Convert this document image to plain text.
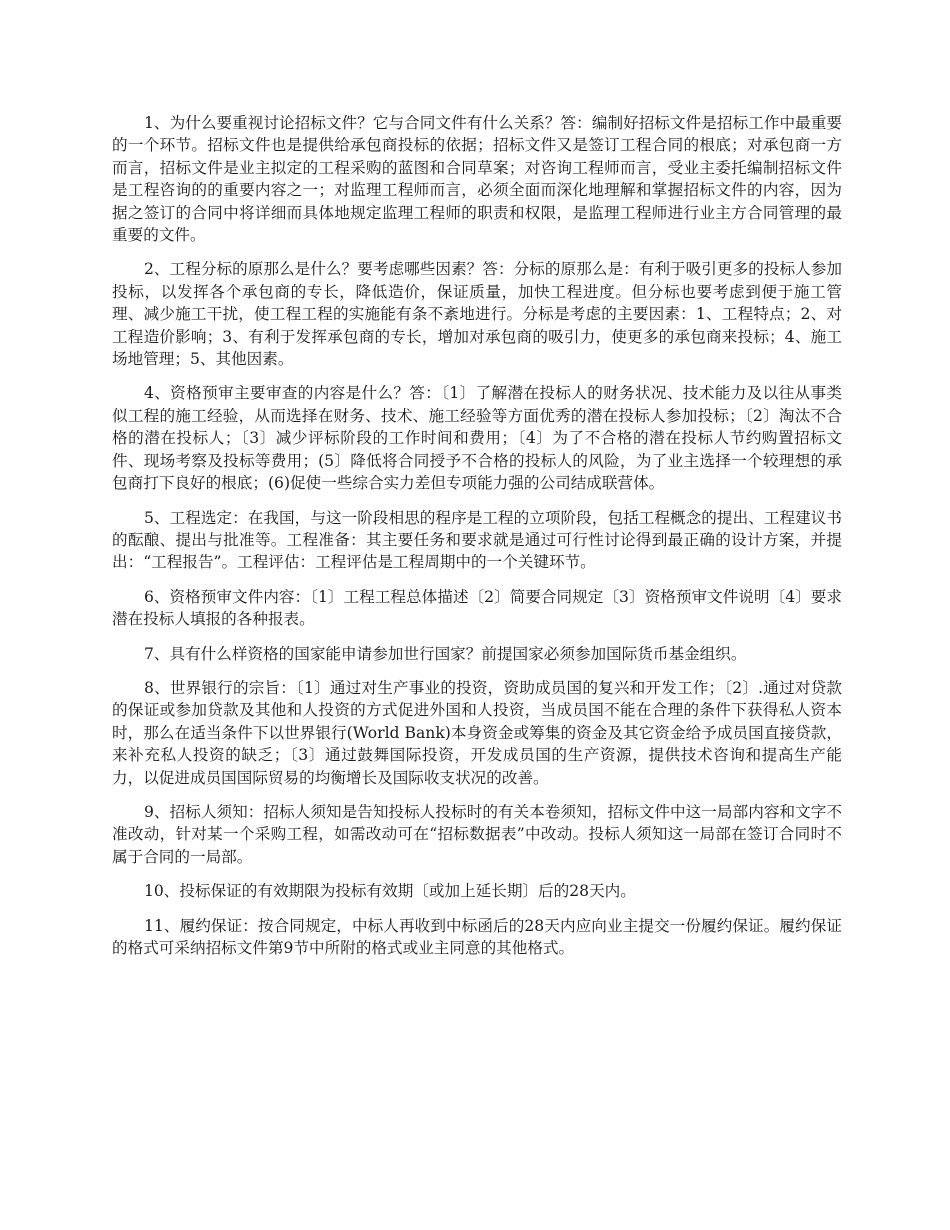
1、为什么要重视讨论招标文件？它与合同文件有什么关系？答：编制好招标文件是招标工作中最重要的一个环节。招标文件也是提供给承包商投标的依据；招标文件又是签订工程合同的根底；对承包商一方而言，招标文件是业主拟定的工程采购的蓝图和合同草案；对咨询工程师而言，受业主委托编制招标文件是工程咨询的的重要内容之一；对监理工程师而言，必须全面而深化地理解和掌握招标文件的内容，因为据之签订的合同中将详细而具体地规定监理工程师的职责和权限，是监理工程师进行业主方合同管理的最重要的文件。

2、工程分标的原那么是什么？要考虑哪些因素？答：分标的原那么是：有利于吸引更多的投标人参加投标，以发挥各个承包商的专长，降低造价，保证质量，加快工程进度。但分标也要考虑到便于施工管理、减少施工干扰，使工程工程的实施能有条不紊地进行。分标是考虑的主要因素：1、工程特点；2、对工程造价影响；3、有利于发挥承包商的专长，增加对承包商的吸引力，使更多的承包商来投标；4、施工场地管理；5、其他因素。

4、资格预审主要审查的内容是什么？答：〔1〕了解潜在投标人的财务状况、技术能力及以往从事类似工程的施工经验，从而选择在财务、技术、施工经验等方面优秀的潜在投标人参加投标；〔2〕淘汰不合格的潜在投标人；〔3〕减少评标阶段的工作时间和费用；〔4〕为了不合格的潜在投标人节约购置招标文件、现场考察及投标等费用；(5〕降低将合同授予不合格的投标人的风险，为了业主选择一个较理想的承包商打下良好的根底；(6)促使一些综合实力差但专项能力强的公司结成联营体。

5、工程选定：在我国，与这一阶段相思的程序是工程的立项阶段，包括工程概念的提出、工程建议书的酝酿、提出与批准等。工程准备：其主要任务和要求就是通过可行性讨论得到最正确的设计方案，并提出：“工程报告”。工程评估：工程评估是工程周期中的一个关键环节。

6、资格预审文件内容：〔1〕工程工程总体描述〔2〕简要合同规定〔3〕资格预审文件说明〔4〕要求潜在投标人填报的各种报表。

7、具有什么样资格的国家能申请参加世行国家？前提国家必须参加国际货币基金组织。

8、世界银行的宗旨：〔1〕通过对生产事业的投资，资助成员国的复兴和开发工作；〔2〕.通过对贷款的保证或参加贷款及其他和人投资的方式促进外国和人投资，当成员国不能在合理的条件下获得私人资本时，那么在适当条件下以世界银行(World Bank)本身资金或筹集的资金及其它资金给予成员国直接贷款，来补充私人投资的缺乏；〔3〕通过鼓舞国际投资，开发成员国的生产资源，提供技术咨询和提高生产能力，以促进成员国国际贸易的均衡增长及国际收支状况的改善。

9、招标人须知：招标人须知是告知投标人投标时的有关本卷须知，招标文件中这一局部内容和文字不准改动，针对某一个采购工程，如需改动可在“招标数据表”中改动。投标人须知这一局部在签订合同时不属于合同的一局部。

10、投标保证的有效期限为投标有效期〔或加上延长期〕后的28天内。

11、履约保证：按合同规定，中标人再收到中标函后的28天内应向业主提交一份履约保证。履约保证的格式可采纳招标文件第9节中所附的格式或业主同意的其他格式。
